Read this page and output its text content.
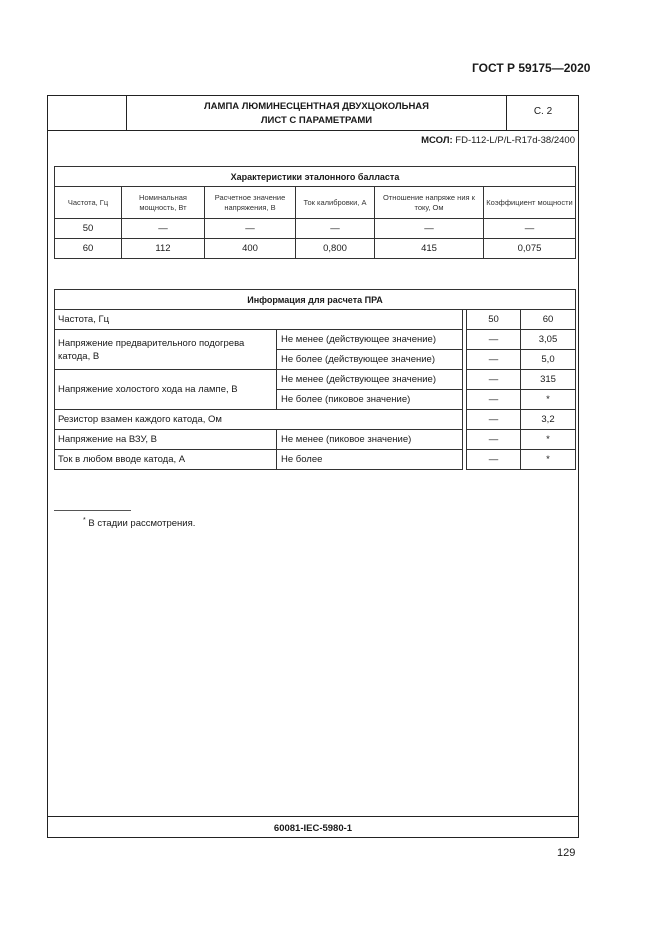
ГОСТ Р 59175—2020
ЛАМПА ЛЮМИНЕСЦЕНТНАЯ ДВУХЦОКОЛЬНАЯ
ЛИСТ С ПАРАМЕТРАМИ
С. 2
МСОЛ: FD-112-L/P/L-R17d-38/2400
60081-IEC-5980-1
Характеристики эталонного балласта					
Частота, Гц	Номинальная мощность, Вт	Расчетное значение напряжения, В	Ток калибровки, А	Отношение напряже ния к току, Ом	Коэффициент мощности
50	—	—	—	—	—
60	112	400	0,800	415	0,075
Информация для расчета ПРА				
Частота, Гц			50	60
Напряжение предварительного подогрева катода, В	Не менее (действующее значение)		—	3,05
	Не более (действующее значение)		—	5,0
Напряжение холостого хода на лампе, В	Не менее (действующее значение)		—	315
	Не более (пиковое значение)		—	*
Резистор взамен каждого катода, Ом			—	3,2
Напряжение на ВЗУ, В	Не менее (пиковое значение)		—	*
Ток в любом вводе катода, А	Не более		—	*
* В стадии рассмотрения.
129
